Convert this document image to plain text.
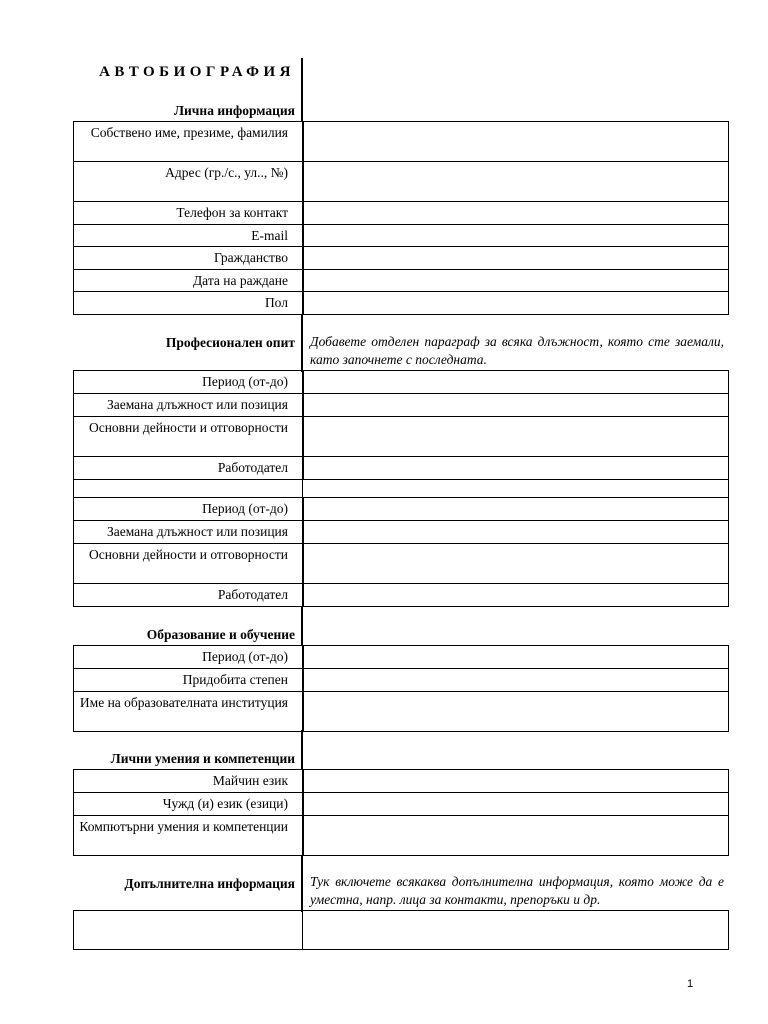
АВТОБИОГРАФИЯ
Лична информация
Собствено име, презиме, фамилия
Адрес (гр./с., ул.., №)
Телефон за контакт
E-mail
Гражданство
Дата на раждане
Пол
Професионален опит Добавете отделен параграф за всяка длъжност, която сте заемали, като започнете с последната.
Период (от-до)
Заемана длъжност или позиция
Основни дейности и отговорности
Работодател
Период (от-до)
Заемана длъжност или позиция
Основни дейности и отговорности
Работодател
Образование и обучение
Период (от-до)
Придобита степен
Име на образователната институция
Лични умения и компетенции
Майчин език
Чужд (и) език (езици)
Компютърни умения и компетенции
Допълнителна информация Тук включете всякаква допълнителна информация, която може да е уместна, напр. лица за контакти, препоръки и др.
1
